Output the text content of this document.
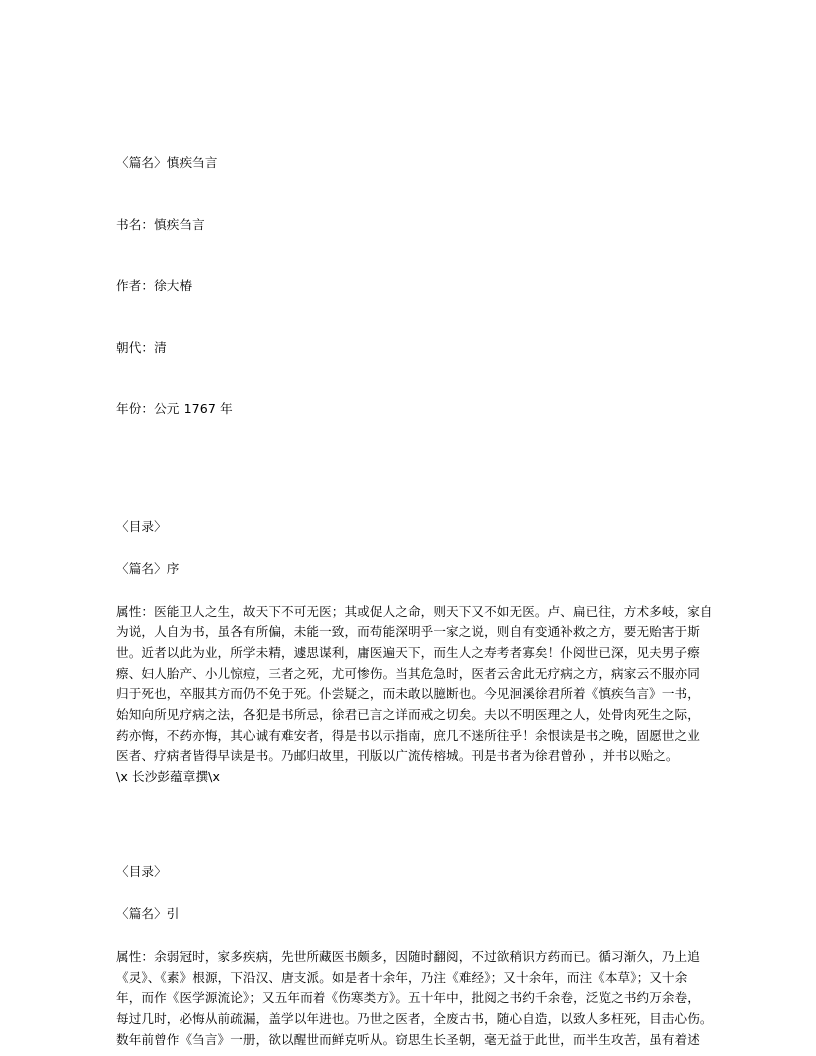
〈篇名〉慎疾刍言

书名：慎疾刍言

作者：徐大椿

朝代：清

年份：公元 1767 年

〈目录〉
〈篇名〉序
属性：医能卫人之生，故天下不可无医；其或促人之命，则天下又不如无医。卢、扁已往，方术多岐，家自
为说，人自为书，虽各有所偏，未能一致，而苟能深明乎一家之说，则自有变通补救之方，要无贻害于斯
世。近者以此为业，所学未精，遽思谋利，庸医遍天下，而生人之寿考者寡矣！仆阅世已深，见夫男子瘵
瘵、妇人胎产、小儿惊痘，三者之死，尤可惨伤。当其危急时，医者云舍此无疗病之方，病家云不服亦同
归于死也，卒服其方而仍不免于死。仆尝疑之，而未敢以臆断也。今见洄溪徐君所着《慎疾刍言》一书，
始知向所见疗病之法，各犯是书所忌，徐君已言之详而戒之切矣。夫以不明医理之人，处骨肉死生之际，
药亦悔，不药亦悔，其心诚有难安者，得是书以示指南，庶几不迷所往乎！余恨读是书之晚，固愿世之业
医者、疗病者皆得早读是书。乃邮归故里，刊版以广流传榕城。刊是书者为徐君曾孙 ，并书以贻之。
\x 长沙彭蕴章撰\x
〈目录〉
〈篇名〉引
属性：余弱冠时，家多疾病，先世所藏医书颇多，因随时翻阅，不过欲稍识方药而已。循习渐久，乃上追
《灵》、《素》根源，下沿汉、唐支派。如是者十余年，乃注《难经》；又十余年，而注《本草》；又十余
年，而作《医学源流论》；又五年而着《伤寒类方》。五十年中，批阅之书约千余卷，泛览之书约万余卷，
每过几时，必悔从前疏漏，盖学以年进也。乃世之医者，全废古书，随心自造，以致人多枉死，目击心伤。
数年前曾作《刍言》一册，欲以醒世而鲜克听从。窃思生长圣朝，毫无益于此世，而半生攻苦，虽有着述
